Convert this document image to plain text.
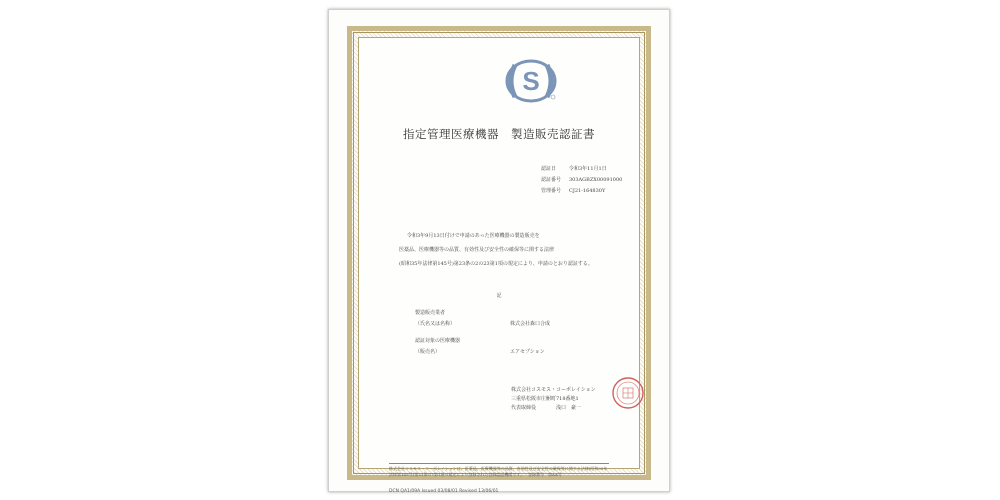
S
指定管理医療機器　製造販売認証書
認証日	令和3年11月1日
認証番号	303AGBZX00091000
管理番号	CJ21-164830Y
令和3年9月13日付けで申請のあった医療機器の製造販売を
医薬品、医療機器等の品質、有効性及び安全性の確保等に関する法律
(昭和35年法律第145号)第23条の2の23第1項の規定により、申請のとおり認証する。
記
製造販売業者
（氏名又は名称）	株式会社森口合成
認証対象の医療機器
（販売名）	エアセプション
株式会社コスモス・コーポレイション
三重県松阪市庄鮒町718番地1
代表取締役　　　　浅口　豪一
株式会社コスモス・コーポレイションは、医薬品、医療機器等の品質、有効性及び安全性の確保等に関する法律(昭和35年法律第145号)第23条の7第1項の規定により登録された登録認証機関です。　登録番号　第AA号
DCN QA1/09A Issued 03/08/01 Revised 13/06/01
